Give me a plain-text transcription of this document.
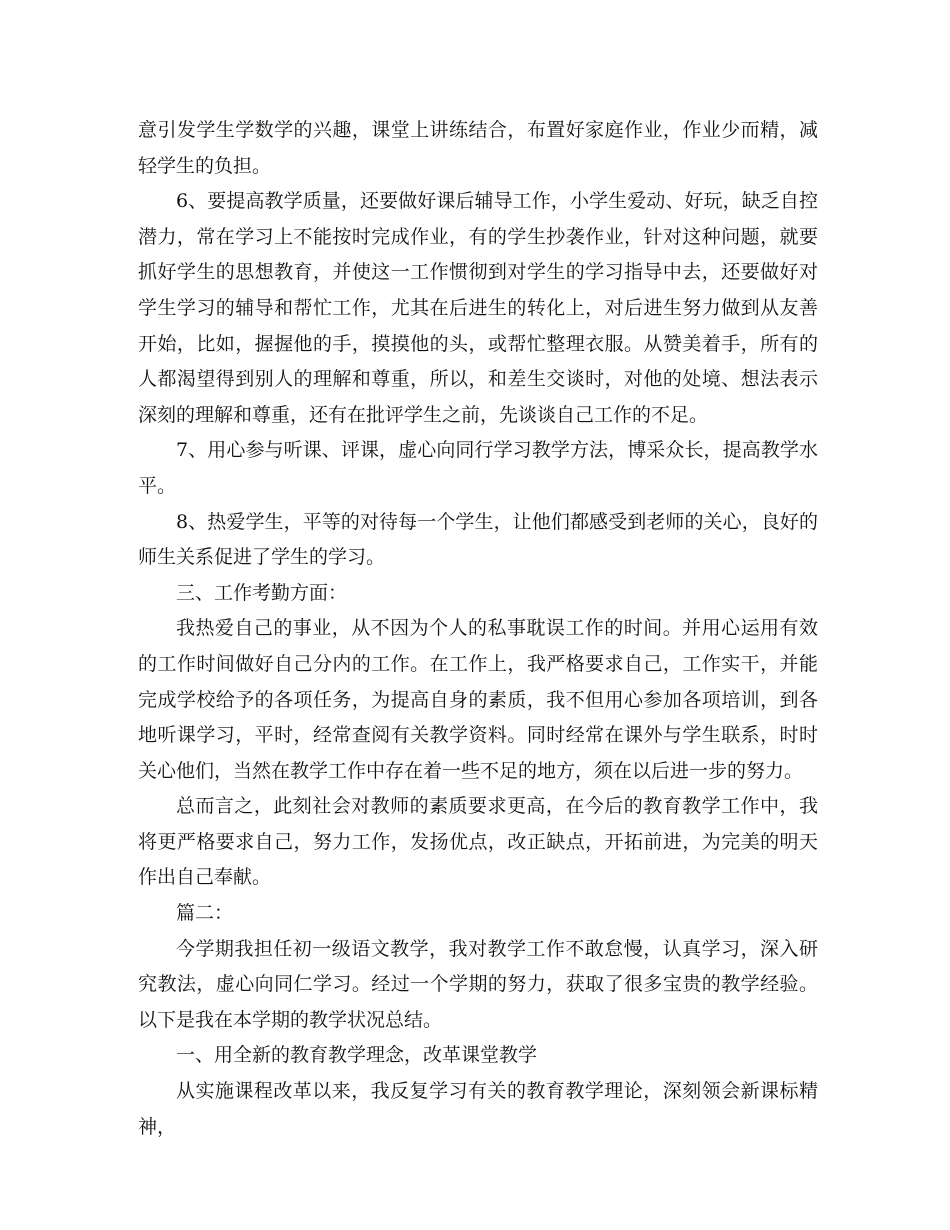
意引发学生学数学的兴趣，课堂上讲练结合，布置好家庭作业，作业少而精，减轻学生的负担。

6、要提高教学质量，还要做好课后辅导工作，小学生爱动、好玩，缺乏自控潜力，常在学习上不能按时完成作业，有的学生抄袭作业，针对这种问题，就要抓好学生的思想教育，并使这一工作惯彻到对学生的学习指导中去，还要做好对学生学习的辅导和帮忙工作，尤其在后进生的转化上，对后进生努力做到从友善开始，比如，握握他的手，摸摸他的头，或帮忙整理衣服。从赞美着手，所有的人都渴望得到别人的理解和尊重，所以，和差生交谈时，对他的处境、想法表示深刻的理解和尊重，还有在批评学生之前，先谈谈自己工作的不足。

7、用心参与听课、评课，虚心向同行学习教学方法，博采众长，提高教学水平。

8、热爱学生，平等的对待每一个学生，让他们都感受到老师的关心，良好的师生关系促进了学生的学习。

三、工作考勤方面：

我热爱自己的事业，从不因为个人的私事耽误工作的时间。并用心运用有效的工作时间做好自己分内的工作。在工作上，我严格要求自己，工作实干，并能完成学校给予的各项任务，为提高自身的素质，我不但用心参加各项培训，到各地听课学习，平时，经常查阅有关教学资料。同时经常在课外与学生联系，时时关心他们，当然在教学工作中存在着一些不足的地方，须在以后进一步的努力。

总而言之，此刻社会对教师的素质要求更高，在今后的教育教学工作中，我将更严格要求自己，努力工作，发扬优点，改正缺点，开拓前进，为完美的明天作出自己奉献。

篇二：

今学期我担任初一级语文教学，我对教学工作不敢怠慢，认真学习，深入研究教法，虚心向同仁学习。经过一个学期的努力，获取了很多宝贵的教学经验。以下是我在本学期的教学状况总结。

一、用全新的教育教学理念，改革课堂教学

从实施课程改革以来，我反复学习有关的教育教学理论，深刻领会新课标精神，
